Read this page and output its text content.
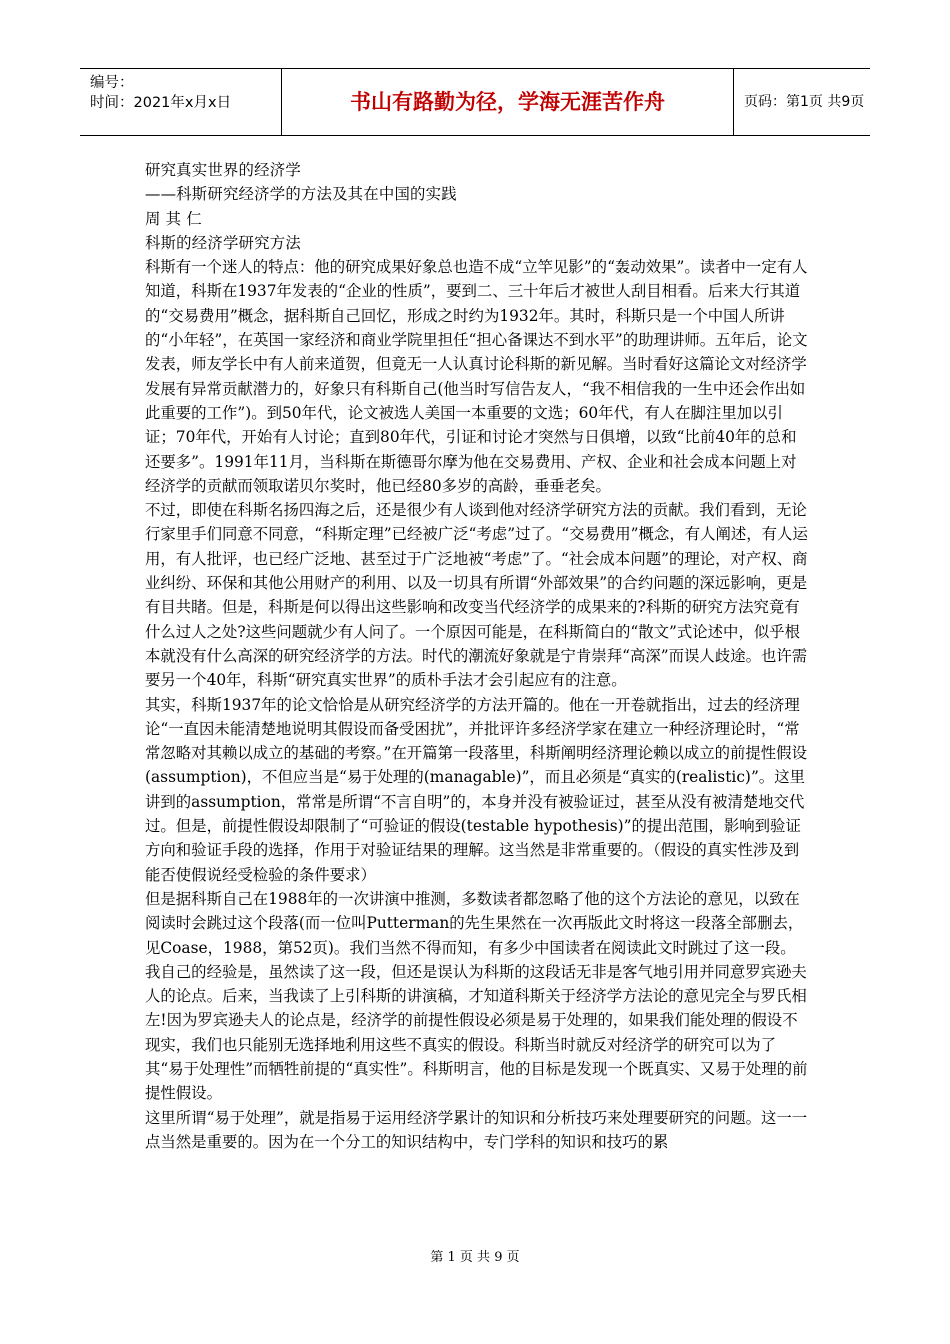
编号：
时间：2021年x月x日	书山有路勤为径，学海无涯苦作舟	页码：第1页 共9页

研究真实世界的经济学

——科斯研究经济学的方法及其在中国的实践

周 其 仁

科斯的经济学研究方法

科斯有一个迷人的特点：他的研究成果好象总也造不成“立竿见影”的“轰动效果”。读者中一定有人知道，科斯在1937年发表的“企业的性质”，要到二、三十年后才被世人刮目相看。后来大行其道的“交易费用”概念，据科斯自己回忆，形成之时约为1932年。其时，科斯只是一个中国人所讲的“小年轻”，在英国一家经济和商业学院里担任“担心备课达不到水平”的助理讲师。五年后，论文发表，师友学长中有人前来道贺，但竟无一人认真讨论科斯的新见解。当时看好这篇论文对经济学发展有异常贡献潜力的，好象只有科斯自己(他当时写信告友人，“我不相信我的一生中还会作出如此重要的工作”)。到50年代，论文被选人美国一本重要的文选；60年代，有人在脚注里加以引证；70年代，开始有人讨论；直到80年代，引证和讨论才突然与日俱增，以致“比前40年的总和还要多”。1991年11月，当科斯在斯德哥尔摩为他在交易费用、产权、企业和社会成本问题上对经济学的贡献而领取诺贝尔奖时，他已经80多岁的高龄，垂垂老矣。

不过，即使在科斯名扬四海之后，还是很少有人谈到他对经济学研究方法的贡献。我们看到，无论行家里手们同意不同意，“科斯定理”已经被广泛“考虑”过了。“交易费用”概念，有人阐述，有人运用，有人批评，也已经广泛地、甚至过于广泛地被“考虑”了。“社会成本问题”的理论，对产权、商业纠纷、环保和其他公用财产的利用、以及一切具有所谓“外部效果”的合约问题的深远影响，更是有目共睹。但是，科斯是何以得出这些影响和改变当代经济学的成果来的?科斯的研究方法究竟有什么过人之处?这些问题就少有人问了。一个原因可能是，在科斯简白的“散文”式论述中，似乎根本就没有什么高深的研究经济学的方法。时代的潮流好象就是宁肯崇拜“高深”而误人歧途。也许需要另一个40年，科斯“研究真实世界”的质朴手法才会引起应有的注意。

其实，科斯1937年的论文恰恰是从研究经济学的方法开篇的。他在一开卷就指出，过去的经济理论“一直因未能清楚地说明其假设而备受困扰”，并批评许多经济学家在建立一种经济理论时，“常常忽略对其赖以成立的基础的考察。”在开篇第一段落里，科斯阐明经济理论赖以成立的前提性假设(assumption)，不但应当是“易于处理的(managable)”，而且必须是“真实的(realistic)”。这里讲到的assumption，常常是所谓“不言自明”的，本身并没有被验证过，甚至从没有被清楚地交代过。但是，前提性假设却限制了“可验证的假设(testable hypothesis)”的提出范围，影响到验证方向和验证手段的选择，作用于对验证结果的理解。这当然是非常重要的。（假设的真实性涉及到能否使假说经受检验的条件要求）

但是据科斯自己在1988年的一次讲演中推测，多数读者都忽略了他的这个方法论的意见，以致在阅读时会跳过这个段落(而一位叫Putterman的先生果然在一次再版此文时将这一段落全部删去，见Coase，1988，第52页)。我们当然不得而知，有多少中国读者在阅读此文时跳过了这一段。我自己的经验是，虽然读了这一段，但还是误认为科斯的这段话无非是客气地引用并同意罗宾逊夫人的论点。后来，当我读了上引科斯的讲演稿，才知道科斯关于经济学方法论的意见完全与罗氏相左!因为罗宾逊夫人的论点是，经济学的前提性假设必须是易于处理的，如果我们能处理的假设不现实，我们也只能别无选择地利用这些不真实的假设。科斯当时就反对经济学的研究可以为了其“易于处理性”而牺牲前提的“真实性”。科斯明言，他的目标是发现一个既真实、又易于处理的前提性假设。

这里所谓“易于处理”，就是指易于运用经济学累计的知识和分析技巧来处理要研究的问题。这一一点当然是重要的。因为在一个分工的知识结构中，专门学科的知识和技巧的累

第 1 页 共 9 页
